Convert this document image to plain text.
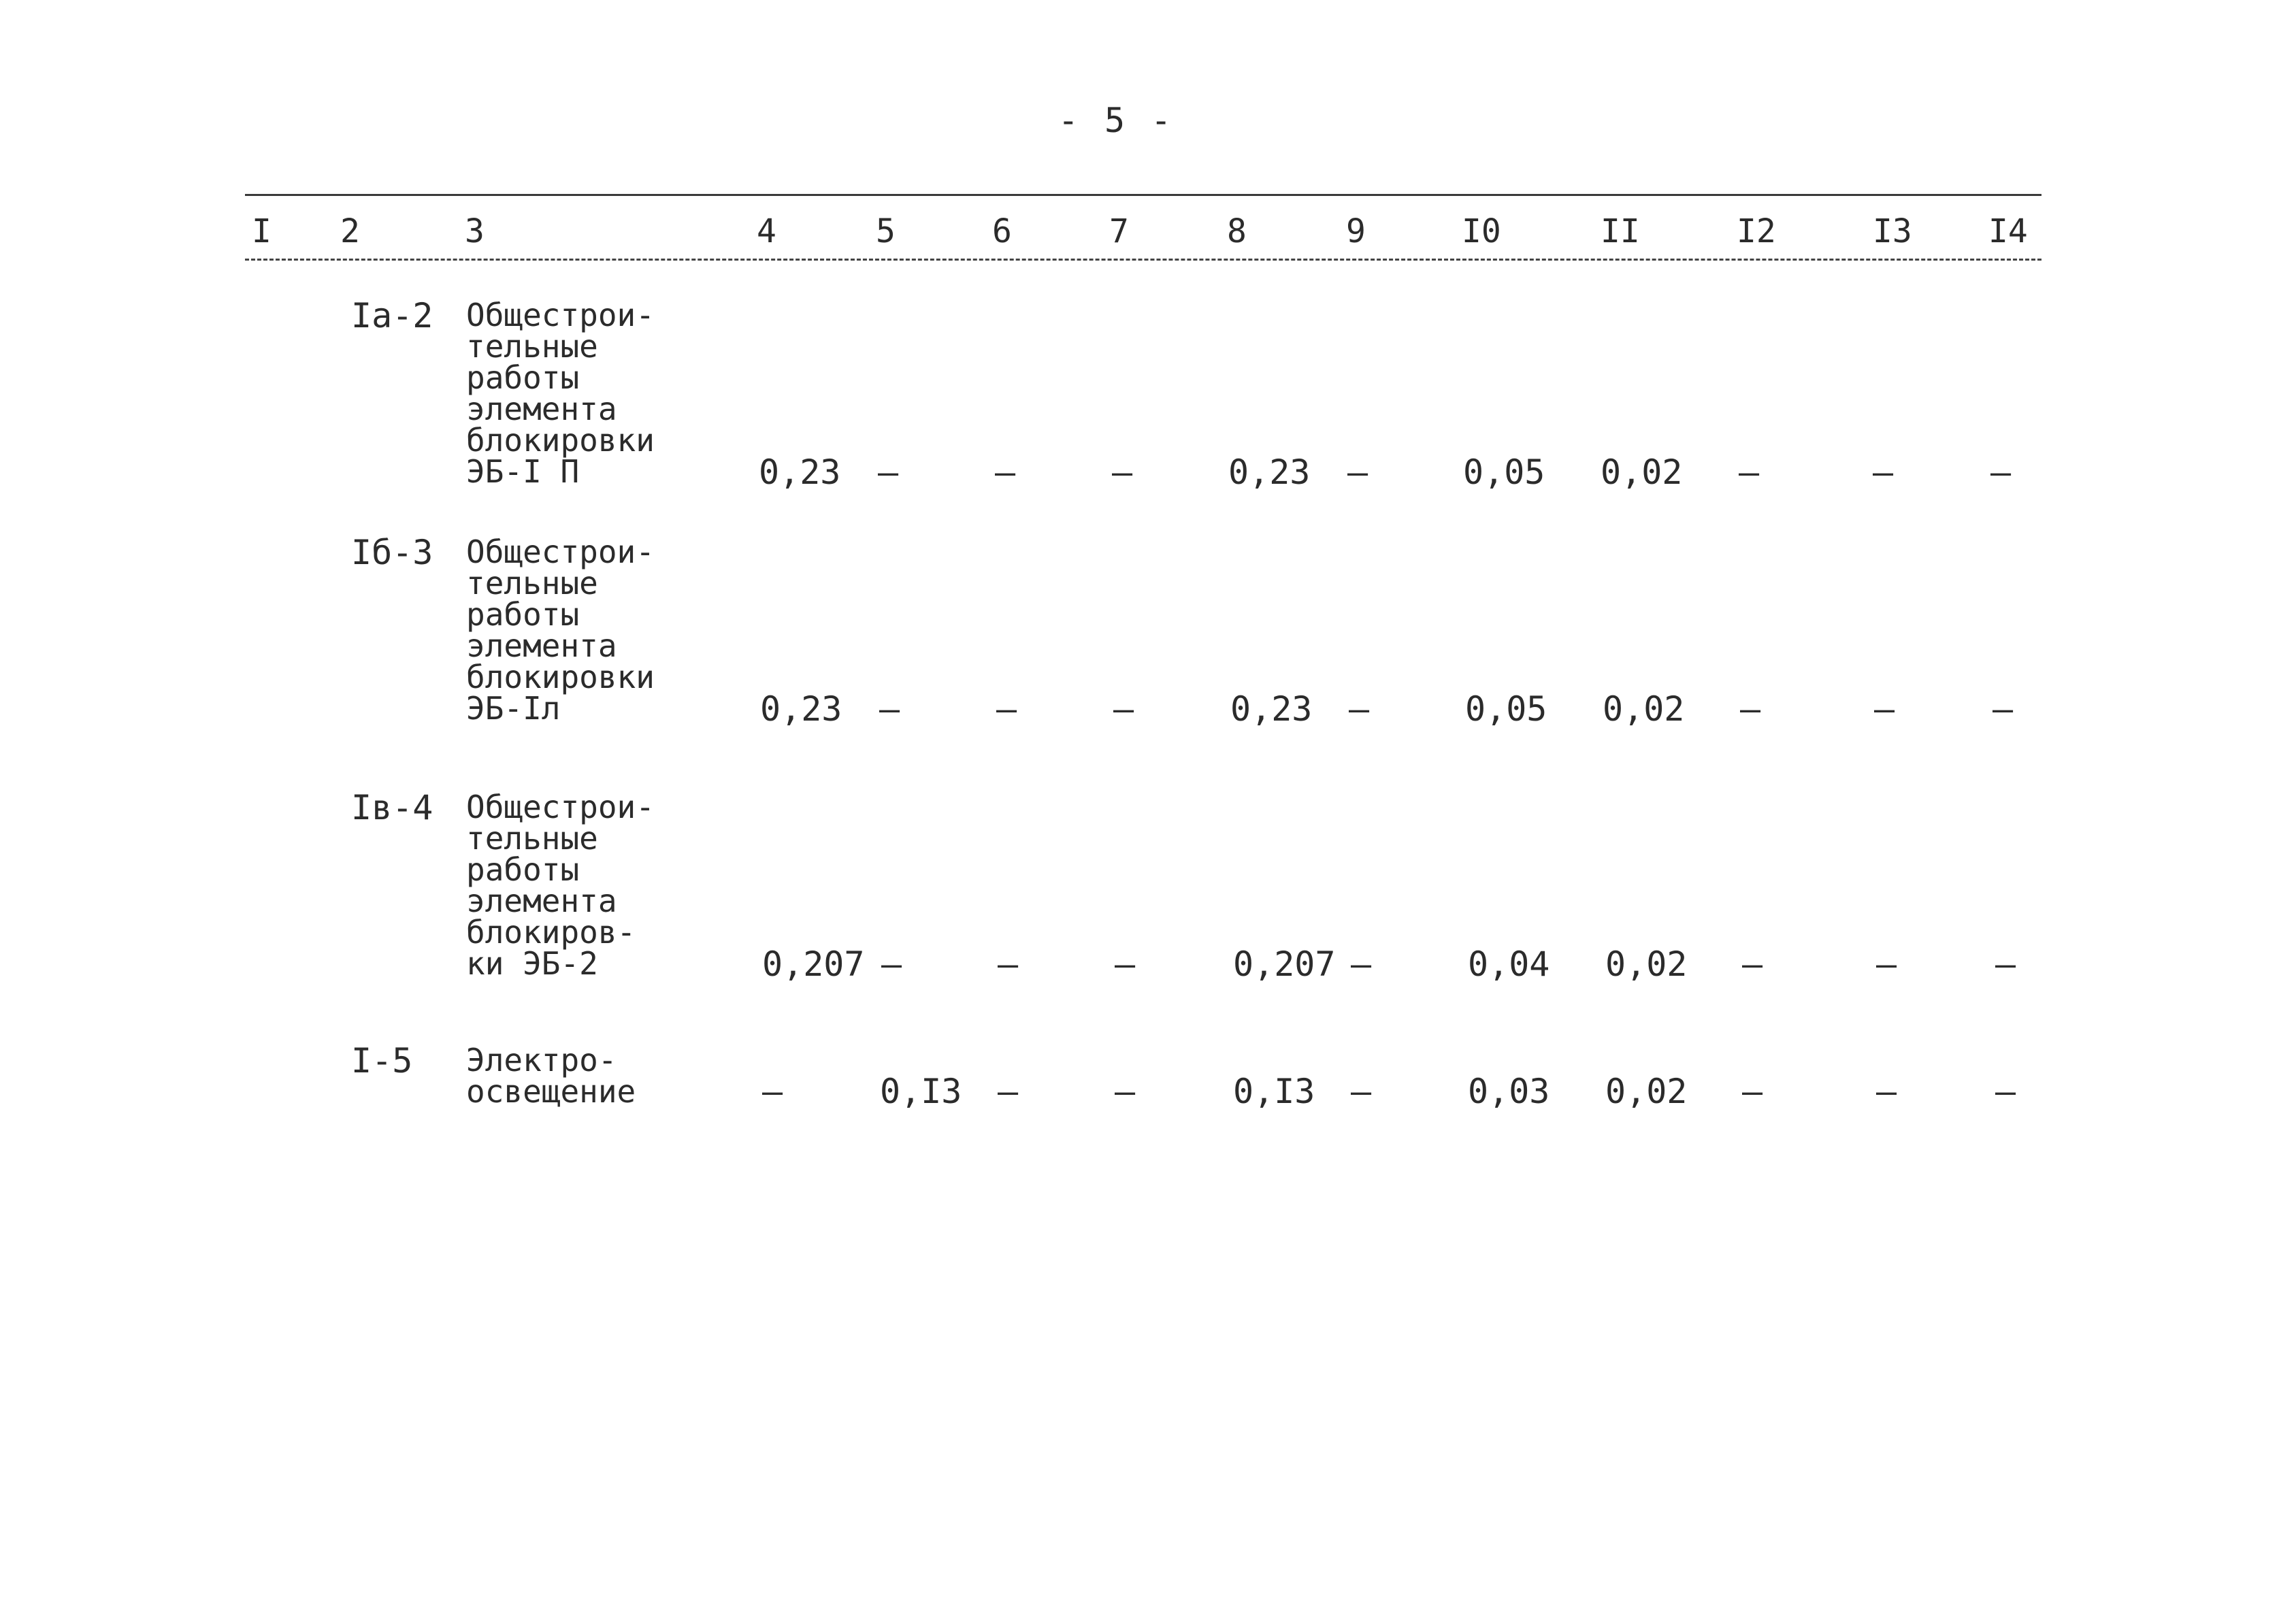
- 5 -
I 2	3	4	5	6	7	8	9	I0	II	I2	I3 I4
Iа-2 Общестрои-
тельные
работы
элемента
блокировки
ЭБ-I П	0,23 –	–	–	0,23 –	0,05 0,02 –	–	–
Iб-3 Общестрои-
тельные
работы
элемента
блокировки
ЭБ-Iл	0,23 –	–	–	0,23 –	0,05 0,02 –	–	–
Iв-4 Общестрои-
тельные
работы
элемента
блокиров-
ки ЭБ-2	0,207 –	–	–	0,207 –	0,04 0,02 –	–	–
I-5 Электро-
освещение	–	0,I3 –	–	0,I3 –	0,03 0,02 –	–	–
